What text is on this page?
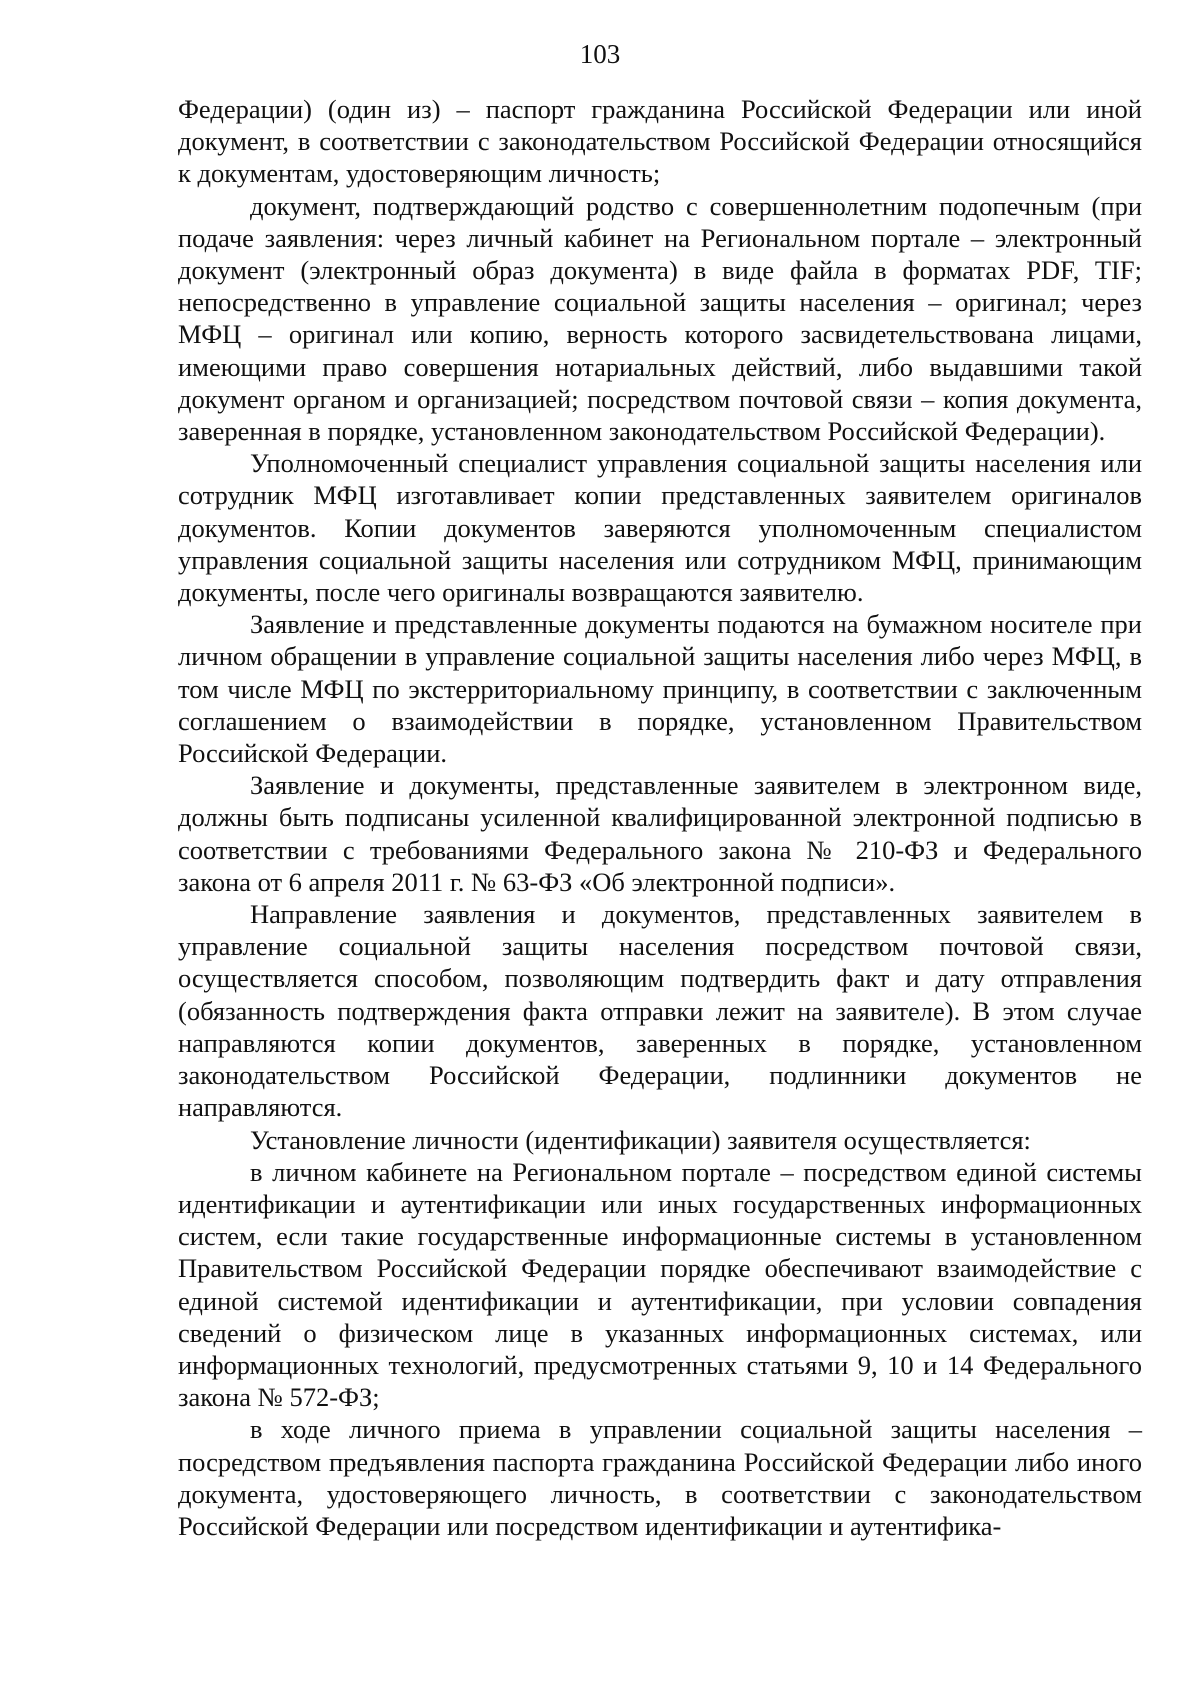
103

Федерации) (один из) – паспорт гражданина Российской Федерации или иной документ, в соответствии с законодательством Российской Федерации относящийся к документам, удостоверяющим личность;

документ, подтверждающий родство с совершеннолетним подопечным (при подаче заявления: через личный кабинет на Региональном портале – электронный документ (электронный образ документа) в виде файла в форматах PDF, TIF; непосредственно в управление социальной защиты населения – оригинал; через МФЦ – оригинал или копию, верность которого засвидетельствована лицами, имеющими право совершения нотариальных действий, либо выдавшими такой документ органом и организацией; посредством почтовой связи – копия документа, заверенная в порядке, установленном законодательством Российской Федерации).

Уполномоченный специалист управления социальной защиты населения или сотрудник МФЦ изготавливает копии представленных заявителем оригиналов документов. Копии документов заверяются уполномоченным специалистом управления социальной защиты населения или сотрудником МФЦ, принимающим документы, после чего оригиналы возвращаются заявителю.

Заявление и представленные документы подаются на бумажном носителе при личном обращении в управление социальной защиты населения либо через МФЦ, в том числе МФЦ по экстерриториальному принципу, в соответствии с заключенным соглашением о взаимодействии в порядке, установленном Правительством Российской Федерации.

Заявление и документы, представленные заявителем в электронном виде, должны быть подписаны усиленной квалифицированной электронной подписью в соответствии с требованиями Федерального закона № 210-ФЗ и Федерального закона от 6 апреля 2011 г. № 63-ФЗ «Об электронной подписи».

Направление заявления и документов, представленных заявителем в управление социальной защиты населения посредством почтовой связи, осуществляется способом, позволяющим подтвердить факт и дату отправления (обязанность подтверждения факта отправки лежит на заявителе). В этом случае направляются копии документов, заверенных в порядке, установленном законодательством Российской Федерации, подлинники документов не направляются.

Установление личности (идентификации) заявителя осуществляется:

в личном кабинете на Региональном портале – посредством единой системы идентификации и аутентификации или иных государственных информационных систем, если такие государственные информационные системы в установленном Правительством Российской Федерации порядке обеспечивают взаимодействие с единой системой идентификации и аутентификации, при условии совпадения сведений о физическом лице в указанных информационных системах, или информационных технологий, предусмотренных статьями 9, 10 и 14 Федерального закона № 572-ФЗ;

в ходе личного приема в управлении социальной защиты населения – посредством предъявления паспорта гражданина Российской Федерации либо иного документа, удостоверяющего личность, в соответствии с законодательством Российской Федерации или посредством идентификации и аутентифика-
